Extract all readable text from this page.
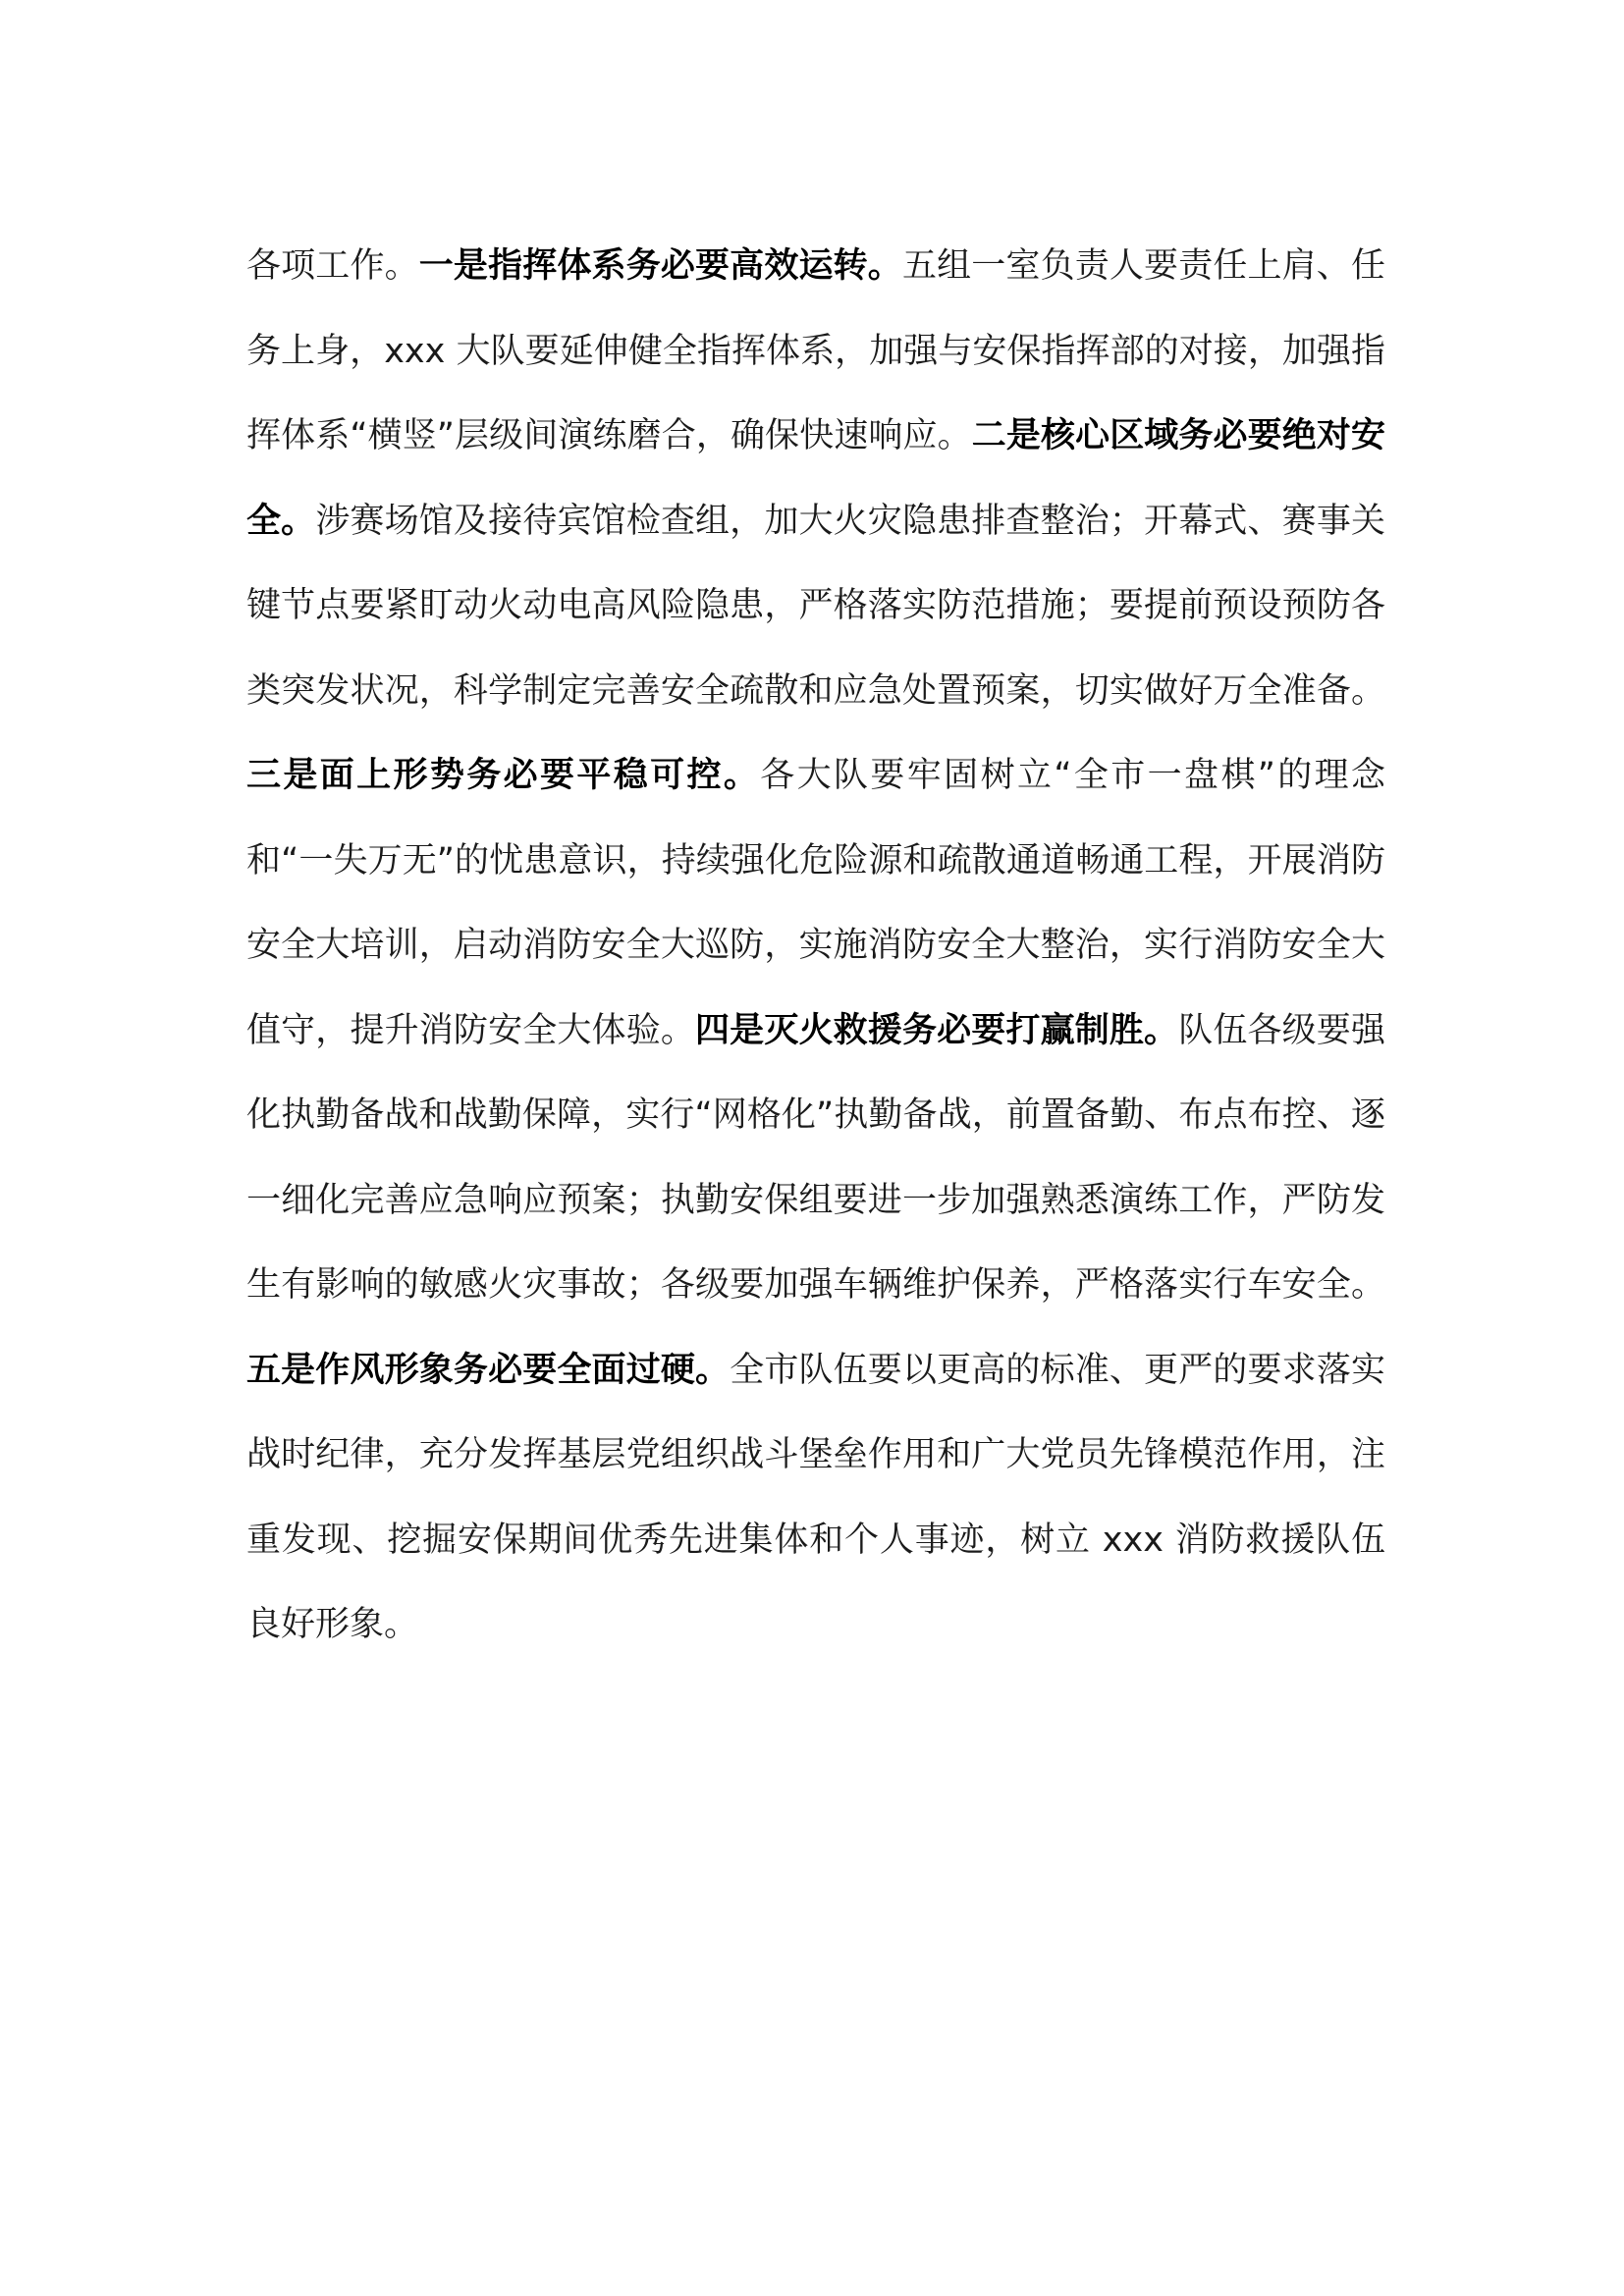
各项工作。一是指挥体系务必要高效运转。五组一室负责人要责任上肩、任务上身，xxx 大队要延伸健全指挥体系，加强与安保指挥部的对接，加强指挥体系“横竖”层级间演练磨合，确保快速响应。二是核心区域务必要绝对安全。涉赛场馆及接待宾馆检查组，加大火灾隐患排查整治；开幕式、赛事关键节点要紧盯动火动电高风险隐患，严格落实防范措施；要提前预设预防各类突发状况，科学制定完善安全疏散和应急处置预案，切实做好万全准备。三是面上形势务必要平稳可控。各大队要牢固树立“全市一盘棋”的理念和“一失万无”的忧患意识，持续强化危险源和疏散通道畅通工程，开展消防安全大培训，启动消防安全大巡防，实施消防安全大整治，实行消防安全大值守，提升消防安全大体验。四是灭火救援务必要打赢制胜。队伍各级要强化执勤备战和战勤保障，实行“网格化”执勤备战，前置备勤、布点布控、逐一细化完善应急响应预案；执勤安保组要进一步加强熟悉演练工作，严防发生有影响的敏感火灾事故；各级要加强车辆维护保养，严格落实行车安全。五是作风形象务必要全面过硬。全市队伍要以更高的标准、更严的要求落实战时纪律，充分发挥基层党组织战斗堡垒作用和广大党员先锋模范作用，注重发现、挖掘安保期间优秀先进集体和个人事迹，树立 xxx 消防救援队伍良好形象。
